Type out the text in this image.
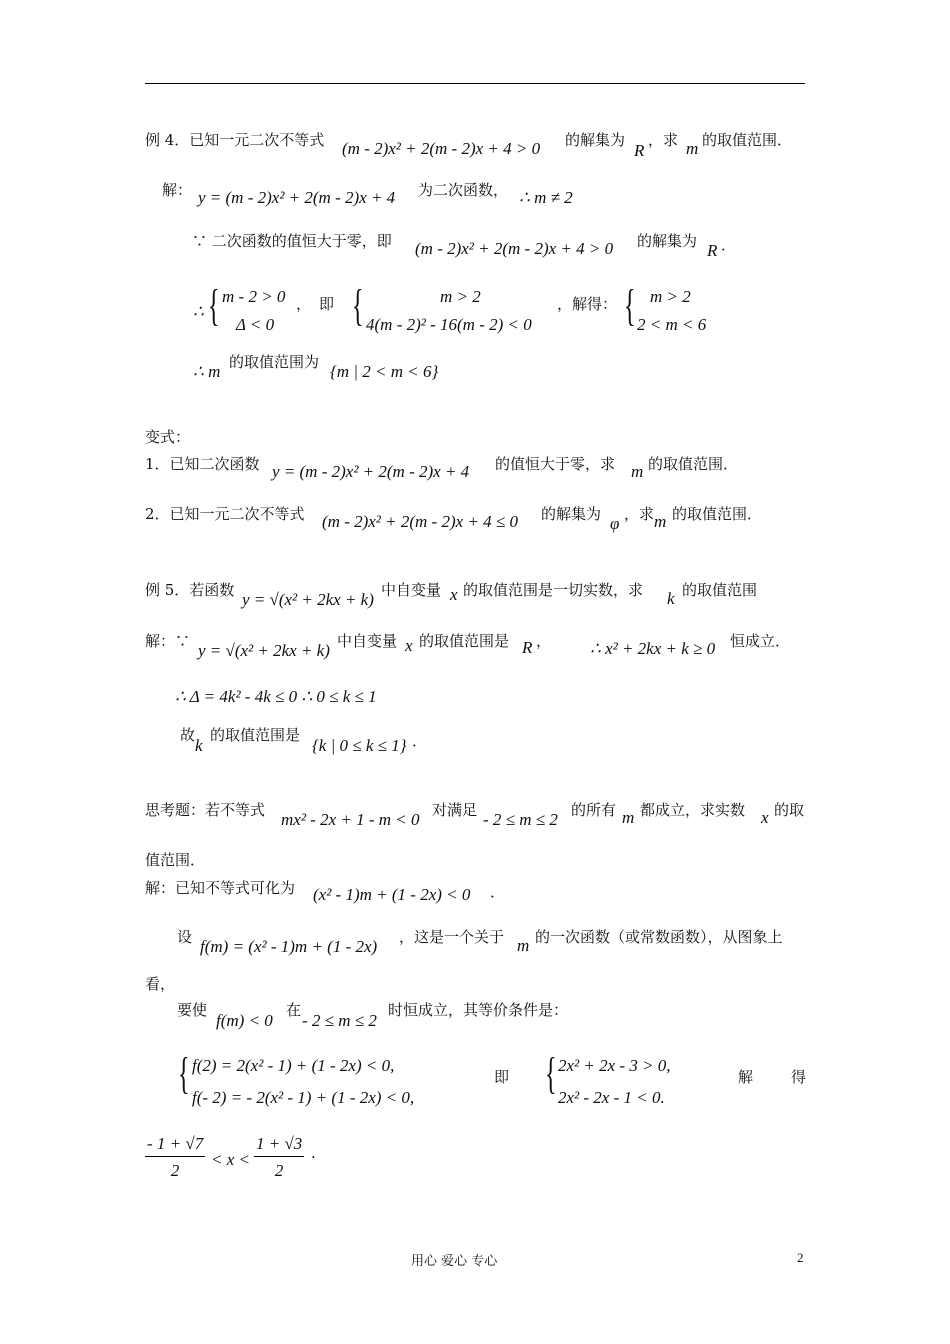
例 4．已知一元二次不等式 (m - 2)x² + 2(m - 2)x + 4 > 0 的解集为
R
，求 m 的取值范围．
解： y = (m - 2)x² + 2(m - 2)x + 4 为二次函数， ∴ m ≠ 2
∵ 二次函数的值恒大于零，即 (m - 2)x² + 2(m - 2)x + 4 > 0 的解集为 R ．
∴ { m - 2 > 0
Δ < 0
， 即 {	m > 2
4(m - 2)² - 16(m - 2) < 0
，解得： { m > 2
2 < m < 6
∴ m 的取值范围为 {m | 2 < m < 6}
变式：
1．已知二次函数 y = (m - 2)x² + 2(m - 2)x + 4 的值恒大于零，求 m 的取值范围．
2．已知一元二次不等式 (m - 2)x² + 2(m - 2)x + 4 ≤ 0 的解集为 φ ，求 m 的取值范围．
例 5．若函数 y = √(x² + 2kx + k) 中自变量 x 的取值范围是一切实数，求 k 的取值范围
解：∵ y = √(x² + 2kx + k) 中自变量 x 的取值范围是 R ， ∴ x² + 2kx + k ≥ 0 恒成立．
∴ Δ = 4k² - 4k ≤ 0 ∴ 0 ≤ k ≤ 1
故
k
的取值范围是
{k | 0 ≤ k ≤ 1} ．
思考题：若不等式 mx² - 2x + 1 - m < 0 对满足 - 2 ≤ m ≤ 2 的所有 m 都成立，求实数 x 的取
值范围．
解：已知不等式可化为 (x² - 1)m + (1 - 2x) < 0 ．
设 f(m) = (x² - 1)m + (1 - 2x) ，这是一个关于 m 的一次函数（或常数函数），从图象上
看，
要使
f(m) < 0
在
- 2 ≤ m ≤ 2
时恒成立，其等价条件是：
{ f(2) = 2(x² - 1) + (1 - 2x) < 0,
f(- 2) = - 2(x² - 1) + (1 - 2x) < 0,
即 { 2x² + 2x - 3 > 0,
2x² - 2x - 1 < 0.
解	得
$\frac{- 1 + √7}{2} < x < \frac{1 + √3}{2}$ .
用心 爱心 专心	2
